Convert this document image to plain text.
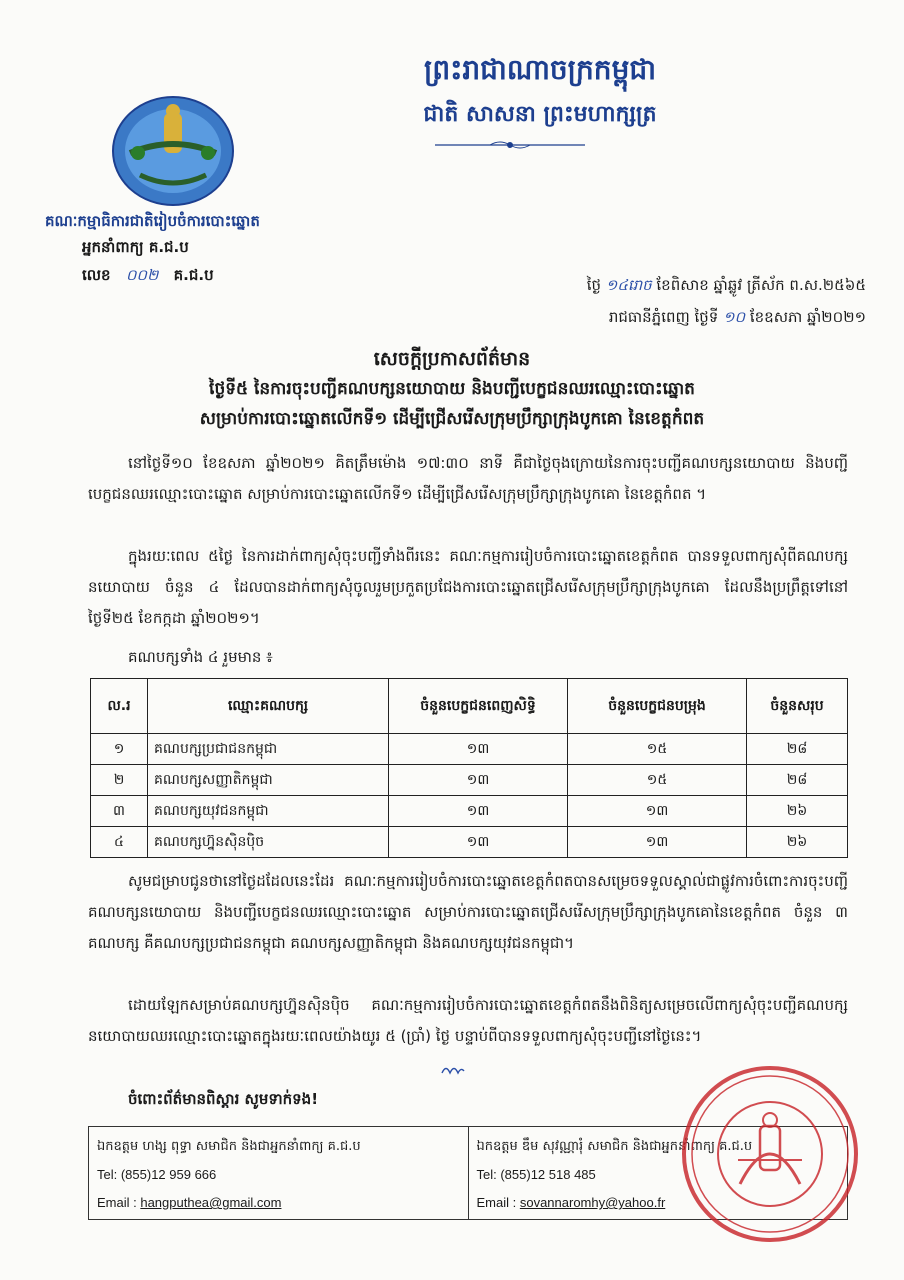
ព្រះរាជាណាចក្រកម្ពុជា
ជាតិ សាសនា ព្រះមហាក្សត្រ
គណៈកម្មាធិការជាតិរៀបចំការបោះឆ្នោត
អ្នកនាំពាក្យ គ.ជ.ប
លេខ ០០២ គ.ជ.ប
ថ្ងៃ ១៤រោច ខែពិសាខ ឆ្នាំឆ្លូវ ត្រីស័ក ព.ស.២៥៦៥
រាជធានីភ្នំពេញ ថ្ងៃទី ១០ ខែឧសភា ឆ្នាំ២០២១
សេចក្ដីប្រកាសព័ត៌មាន
ថ្ងៃទី៥ នៃការចុះបញ្ជីគណបក្សនយោបាយ និងបញ្ជីបេក្ខជនឈរឈ្មោះបោះឆ្នោត
សម្រាប់ការបោះឆ្នោតលើកទី១ ដើម្បីជ្រើសរើសក្រុមប្រឹក្សាក្រុងបូកគោ នៃខេត្តកំពត
នៅថ្ងៃទី១០ ខែឧសភា ឆ្នាំ២០២១ គិតត្រឹមម៉ោង ១៧:៣០ នាទី គឺជាថ្ងៃចុងក្រោយនៃការចុះបញ្ជីគណបក្សនយោបាយ និងបញ្ជីបេក្ខជនឈរឈ្មោះបោះឆ្នោត សម្រាប់ការបោះឆ្នោតលើកទី១ ដើម្បីជ្រើសរើសក្រុមប្រឹក្សាក្រុងបូកគោ នៃខេត្តកំពត ។
ក្នុងរយៈពេល ៥ថ្ងៃ នៃការដាក់ពាក្យសុំចុះបញ្ជីទាំងពីរនេះ គណៈកម្មការរៀបចំការបោះឆ្នោតខេត្តកំពត បានទទួលពាក្យសុំពីគណបក្សនយោបាយ ចំនួន ៤ ដែលបានដាក់ពាក្យសុំចូលរួមប្រកួតប្រជែងការបោះឆ្នោតជ្រើសរើសក្រុមប្រឹក្សាក្រុងបូកគោ ដែលនឹងប្រព្រឹត្តទៅនៅថ្ងៃទី២៥ ខែកក្កដា ឆ្នាំ២០២១។
គណបក្សទាំង ៤ រួមមាន ៖
ល.រ	ឈ្មោះគណបក្ស	ចំនួនបេក្ខជនពេញសិទ្ធិ	ចំនួនបេក្ខជនបម្រុង	ចំនួនសរុប
១	គណបក្សប្រជាជនកម្ពុជា	១៣	១៥	២៨
២	គណបក្សសញ្ញាតិកម្ពុជា	១៣	១៥	២៨
៣	គណបក្សយុវជនកម្ពុជា	១៣	១៣	២៦
៤	គណបក្សហ្វ៊ុនស៊ិនប៉ិច	១៣	១៣	២៦
សូមជម្រាបជូនថានៅថ្ងៃដដែលនេះដែរ គណៈកម្មការរៀបចំការបោះឆ្នោតខេត្តកំពតបានសម្រេចទទួលស្គាល់ជាផ្លូវការចំពោះការចុះបញ្ជីគណបក្សនយោបាយ និងបញ្ជីបេក្ខជនឈរឈ្មោះបោះឆ្នោត សម្រាប់ការបោះឆ្នោតជ្រើសរើសក្រុមប្រឹក្សាក្រុងបូកគោនៃខេត្តកំពត ចំនួន ៣ គណបក្ស គឺគណបក្សប្រជាជនកម្ពុជា គណបក្សសញ្ញាតិកម្ពុជា និងគណបក្សយុវជនកម្ពុជា។
ដោយឡែកសម្រាប់គណបក្សហ្វ៊ុនស៊ិនប៉ិច គណៈកម្មការរៀបចំការបោះឆ្នោតខេត្តកំពតនឹងពិនិត្យសម្រេចលើពាក្យសុំចុះបញ្ជីគណបក្សនយោបាយឈរឈ្មោះបោះឆ្នោតក្នុងរយៈពេលយ៉ាងយូរ ៥ (ប្រាំ) ថ្ងៃ បន្ទាប់ពីបានទទួលពាក្យសុំចុះបញ្ជីនៅថ្ងៃនេះ។
ចំពោះព័ត៌មានពិស្ដារ សូមទាក់ទង!
ឯកឧត្តម ហង្ស ពុទ្ធា សមាជិក និងជាអ្នកនាំពាក្យ គ.ជ.ប
Tel: (855)12 959 666
Email : hangputhea@gmail.com
ឯកឧត្តម ឌឹម សុវណ្ណារុំ សមាជិក និងជាអ្នកនាំពាក្យ គ.ជ.ប
Tel: (855)12 518 485
Email : sovannaromhy@yahoo.fr
